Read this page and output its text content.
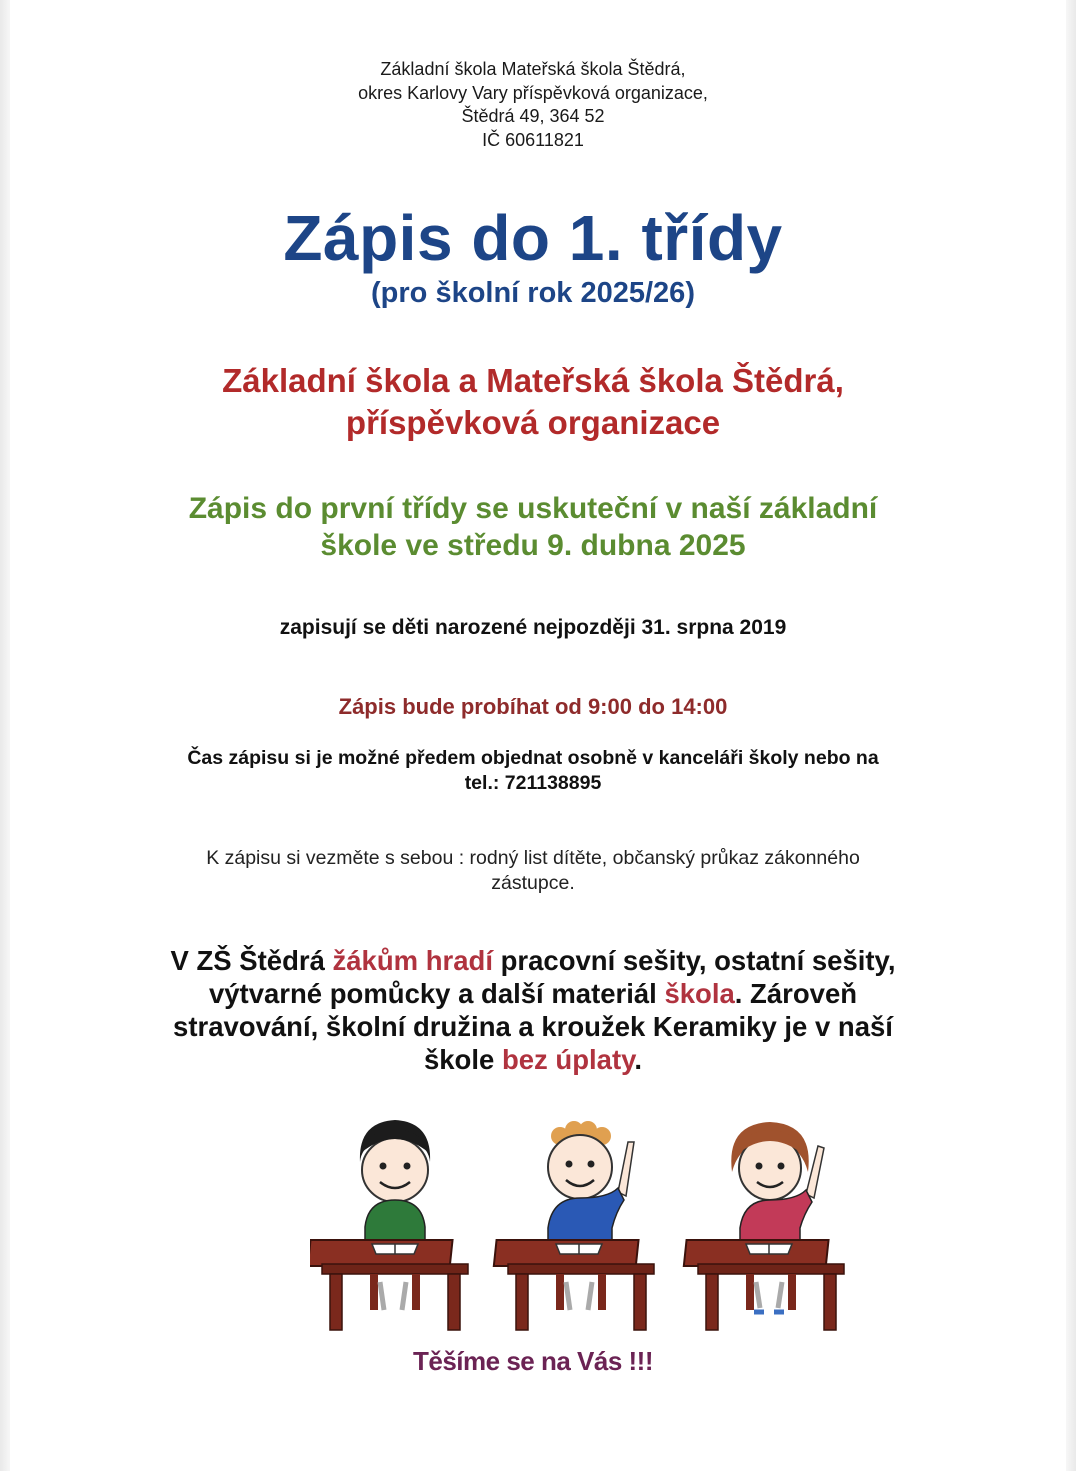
Základní škola Mateřská škola Štědrá,
okres Karlovy Vary příspěvková organizace,
Štědrá 49, 364 52
IČ 60611821
Zápis do 1. třídy
(pro školní rok 2025/26)
Základní škola a Mateřská škola Štědrá,
příspěvková organizace
Zápis do první třídy se uskuteční v naší základní
škole ve středu 9. dubna 2025
zapisují se děti narozené nejpozději 31. srpna 2019
Zápis bude probíhat od 9:00 do 14:00
Čas zápisu si je možné předem objednat osobně v kanceláři školy nebo na
tel.: 721138895
K zápisu si vezměte s sebou : rodný list dítěte, občanský průkaz zákonného
zástupce.
V ZŠ Štědrá žákům hradí pracovní sešity, ostatní sešity,
výtvarné pomůcky a další materiál škola. Zároveň
stravování, školní družina a kroužek Keramiky je v naší
škole bez úplaty.
Těšíme se na Vás !!!
